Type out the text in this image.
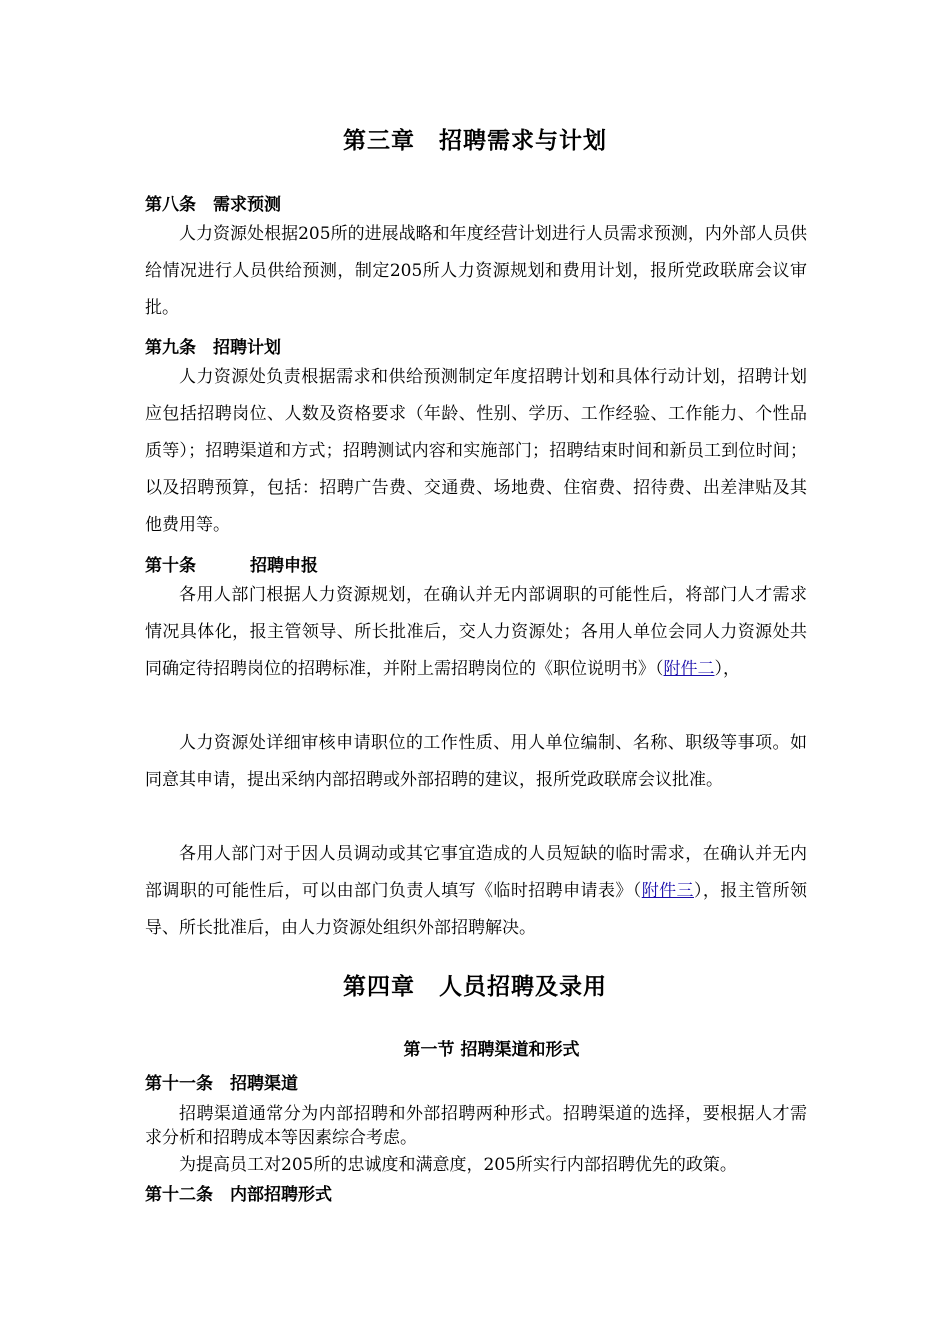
第三章　招聘需求与计划
第八条　需求预测
人力资源处根据205所的进展战略和年度经营计划进行人员需求预测，内外部人员供给情况进行人员供给预测，制定205所人力资源规划和费用计划，报所党政联席会议审批。
第九条　招聘计划
人力资源处负责根据需求和供给预测制定年度招聘计划和具体行动计划，招聘计划应包括招聘岗位、人数及资格要求（年龄、性别、学历、工作经验、工作能力、个性品质等）；招聘渠道和方式；招聘测试内容和实施部门；招聘结束时间和新员工到位时间；以及招聘预算，包括：招聘广告费、交通费、场地费、住宿费、招待费、出差津贴及其他费用等。
第十条	招聘申报
各用人部门根据人力资源规划，在确认并无内部调职的可能性后，将部门人才需求情况具体化，报主管领导、所长批准后，交人力资源处；各用人单位会同人力资源处共同确定待招聘岗位的招聘标准，并附上需招聘岗位的《职位说明书》（附件二），
人力资源处详细审核申请职位的工作性质、用人单位编制、名称、职级等事项。如同意其申请，提出采纳内部招聘或外部招聘的建议，报所党政联席会议批准。
各用人部门对于因人员调动或其它事宜造成的人员短缺的临时需求，在确认并无内部调职的可能性后，可以由部门负责人填写《临时招聘申请表》（附件三），报主管所领导、所长批准后，由人力资源处组织外部招聘解决。
第四章　人员招聘及录用
第一节 招聘渠道和形式
第十一条　招聘渠道
招聘渠道通常分为内部招聘和外部招聘两种形式。招聘渠道的选择，要根据人才需求分析和招聘成本等因素综合考虑。
为提高员工对205所的忠诚度和满意度，205所实行内部招聘优先的政策。
第十二条　内部招聘形式
